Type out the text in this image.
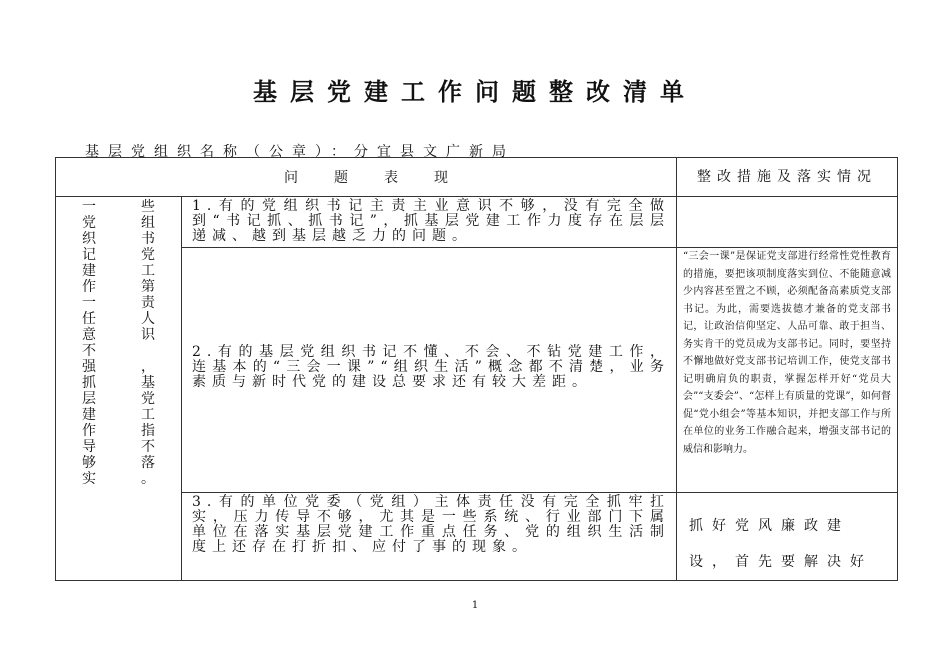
基层党建工作问题整改清单
基层党组织名称（公章）：分宜县文广新局
问题表现		整改措施及落实情况
一些党组织书记党建工作第一责任人意识不强，抓基层党建工作指导不够落实。	1.有的党组织书记主责主业意识不够，没有完全做到“书记抓、抓书记”，抓基层党建工作力度存在层层递减、越到基层越乏力的问题。	
	2.有的基层党组织书记不懂、不会、不钻党建工作，连基本的“三会一课”“组织生活”概念都不清楚，业务素质与新时代党的建设总要求还有较大差距。	“三会一课”是保证党支部进行经常性党性教育的措施，要把该项制度落实到位、不能随意减少内容甚至置之不顾，必须配备高素质党支部书记。为此，需要选拔德才兼备的党支部书记，让政治信仰坚定、人品可靠、敢于担当、务实肯干的党员成为支部书记。同时，要坚持不懈地做好党支部书记培训工作，使党支部书记明确肩负的职责，掌握怎样开好“党员大会”“支委会”、“怎样上有质量的党课”，如何督促“党小组会”等基本知识，并把支部工作与所在单位的业务工作融合起来，增强支部书记的威信和影响力。
	3.有的单位党委（党组）主体责任没有完全抓牢扛实，压力传导不够，尤其是一些系统、行业部门下属单位在落实基层党建工作重点任务、党的组织生活制度上还存在打折扣、应付了事的现象。	抓好党风廉政建设，首先要解决好
1
